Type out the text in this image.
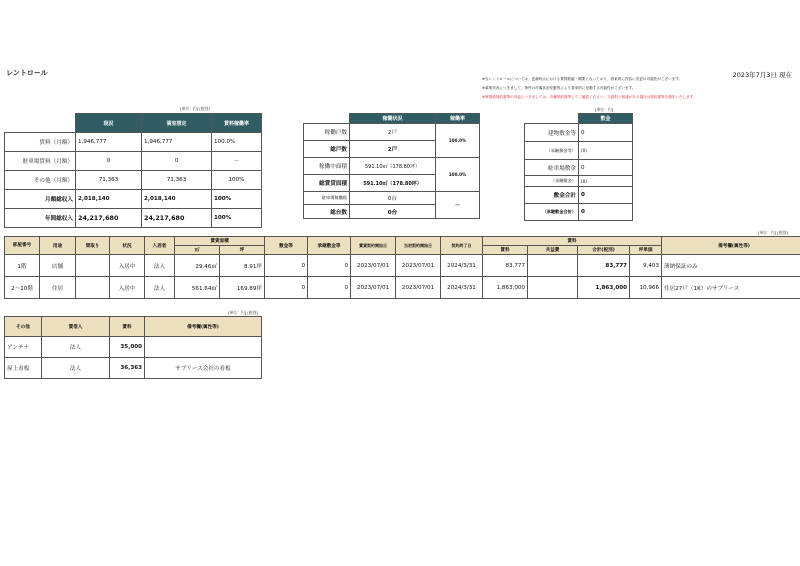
レントロール	2023年7月3日 現在
※当レントロールについては、更新時点における賃貸数値・概要となっており、将来的に内容に変更の可能性がございます。
※募集状況につきまして、物件の市場状況変動等により将来的に変動する可能性がございます。
※賃貸借契約書等の内容につきましては、各種契約書等にてご確認ください。当資料と相違がある場合は契約書等を優先いたします。
[単位：円] [税別]
	現況	満室想定	賃料稼働率
賃料（月額）	1,946,777	1,946,777	100.0%
駐車場賃料（月額）	0	0	－
その他（月額）	71,363	71,363	100%
月額総収入	2,018,140	2,018,140	100%
年間総収入	24,217,680	24,217,680	100%
	稼働状況	稼働率
稼働戸数	2戸	100.0%
総戸数	2戸	
稼働中面積	591.10㎡（178.80坪）	100.0%
総賃貸面積	591.10㎡（178.80坪）	
駐車場稼働数	0台	－
総台数	0台	
[単位：円]
	敷金
建物敷金等	0
（承継敷金等）	(0)
駐車場敷金	0
（承継敷金）	(0)
敷金合計	0
（承継敷金合計）	0
[単位：円] [税別]
部屋番号	用途	間取り	状況	入居者	賃貸面積		敷金等	承継敷金等	賃貸契約開始日	当初契約開始日	契約終了日	賃料				備考欄(属性等)
					㎡	坪						賃料	共益費	合計(税別)	坪単価	
1階	店舗		入居中	法人	29.46㎡	8.91坪	0	0	2023/07/01	2023/07/01	2024/3/31	83,777		83,777	9,403	薄納保証のみ
2～10階	住居		入居中	法人	561.64㎡	169.89坪	0	0	2023/07/01	2023/07/01	2024/3/31	1,863,000		1,863,000	10,966	住居27戸（1K）のサブリース
[単位：円] [税別]
その他	賃借人	賃料	備考欄(属性等)
アンテナ	法人	35,000	
屋上看板	法人	36,363	サブリース会社の看板
